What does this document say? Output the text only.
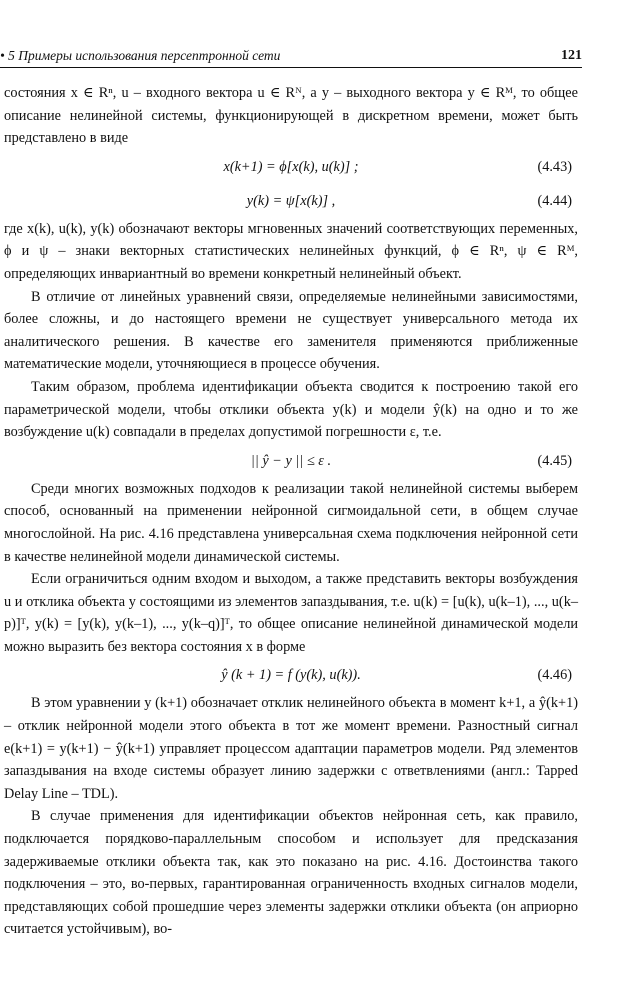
• 5 Примеры использования персептронной сети	121

состояния x ∈ Rⁿ, u – входного вектора u ∈ Rᴺ, а y – выходного вектора y ∈ Rᴹ, то общее описание нелинейной системы, функционирующей в дискретном времени, может быть представлено в виде

x(k+1) = ϕ[x(k), u(k)] ;	(4.43)
y(k) = ψ[x(k)] ,	(4.44)

где x(k), u(k), y(k) обозначают векторы мгновенных значений соответствующих переменных, ϕ и ψ – знаки векторных статистических нелинейных функций, ϕ ∈ Rⁿ, ψ ∈ Rᴹ, определяющих инвариантный во времени конкретный нелинейный объект.

В отличие от линейных уравнений связи, определяемые нелинейными зависимостями, более сложны, и до настоящего времени не существует универсального метода их аналитического решения. В качестве его заменителя применяются приближенные математические модели, уточняющиеся в процессе обучения.

Таким образом, проблема идентификации объекта сводится к построению такой его параметрической модели, чтобы отклики объекта y(k) и модели ŷ(k) на одно и то же возбуждение u(k) совпадали в пределах допустимой погрешности ε, т.е.

|| ŷ − y || ≤ ε .	(4.45)

Среди многих возможных подходов к реализации такой нелинейной системы выберем способ, основанный на применении нейронной сигмоидальной сети, в общем случае многослойной. На рис. 4.16 представлена универсальная схема подключения нейронной сети в качестве нелинейной модели динамической системы.

Если ограничиться одним входом и выходом, а также представить векторы возбуждения u и отклика объекта y состоящими из элементов запаздывания, т.е. u(k) = [u(k), u(k–1), ..., u(k–p)]ᵀ, y(k) = [y(k), y(k–1), ..., y(k–q)]ᵀ, то общее описание нелинейной динамической модели можно выразить без вектора состояния x в форме

ŷ (k + 1) = f (y(k), u(k)).	(4.46)

В этом уравнении y (k+1) обозначает отклик нелинейного объекта в момент k+1, а ŷ(k+1) – отклик нейронной модели этого объекта в тот же момент времени. Разностный сигнал e(k+1) = y(k+1) − ŷ(k+1) управляет процессом адаптации параметров модели. Ряд элементов запаздывания на входе системы образует линию задержки с ответвлениями (англ.: Tapped Delay Line – TDL).

В случае применения для идентификации объектов нейронная сеть, как правило, подключается порядково-параллельным способом и использует для предсказания задерживаемые отклики объекта так, как это показано на рис. 4.16. Достоинства такого подключения – это, во-первых, гарантированная ограниченность входных сигналов модели, представляющих собой прошедшие через элементы задержки отклики объекта (он априорно считается устойчивым), во-
